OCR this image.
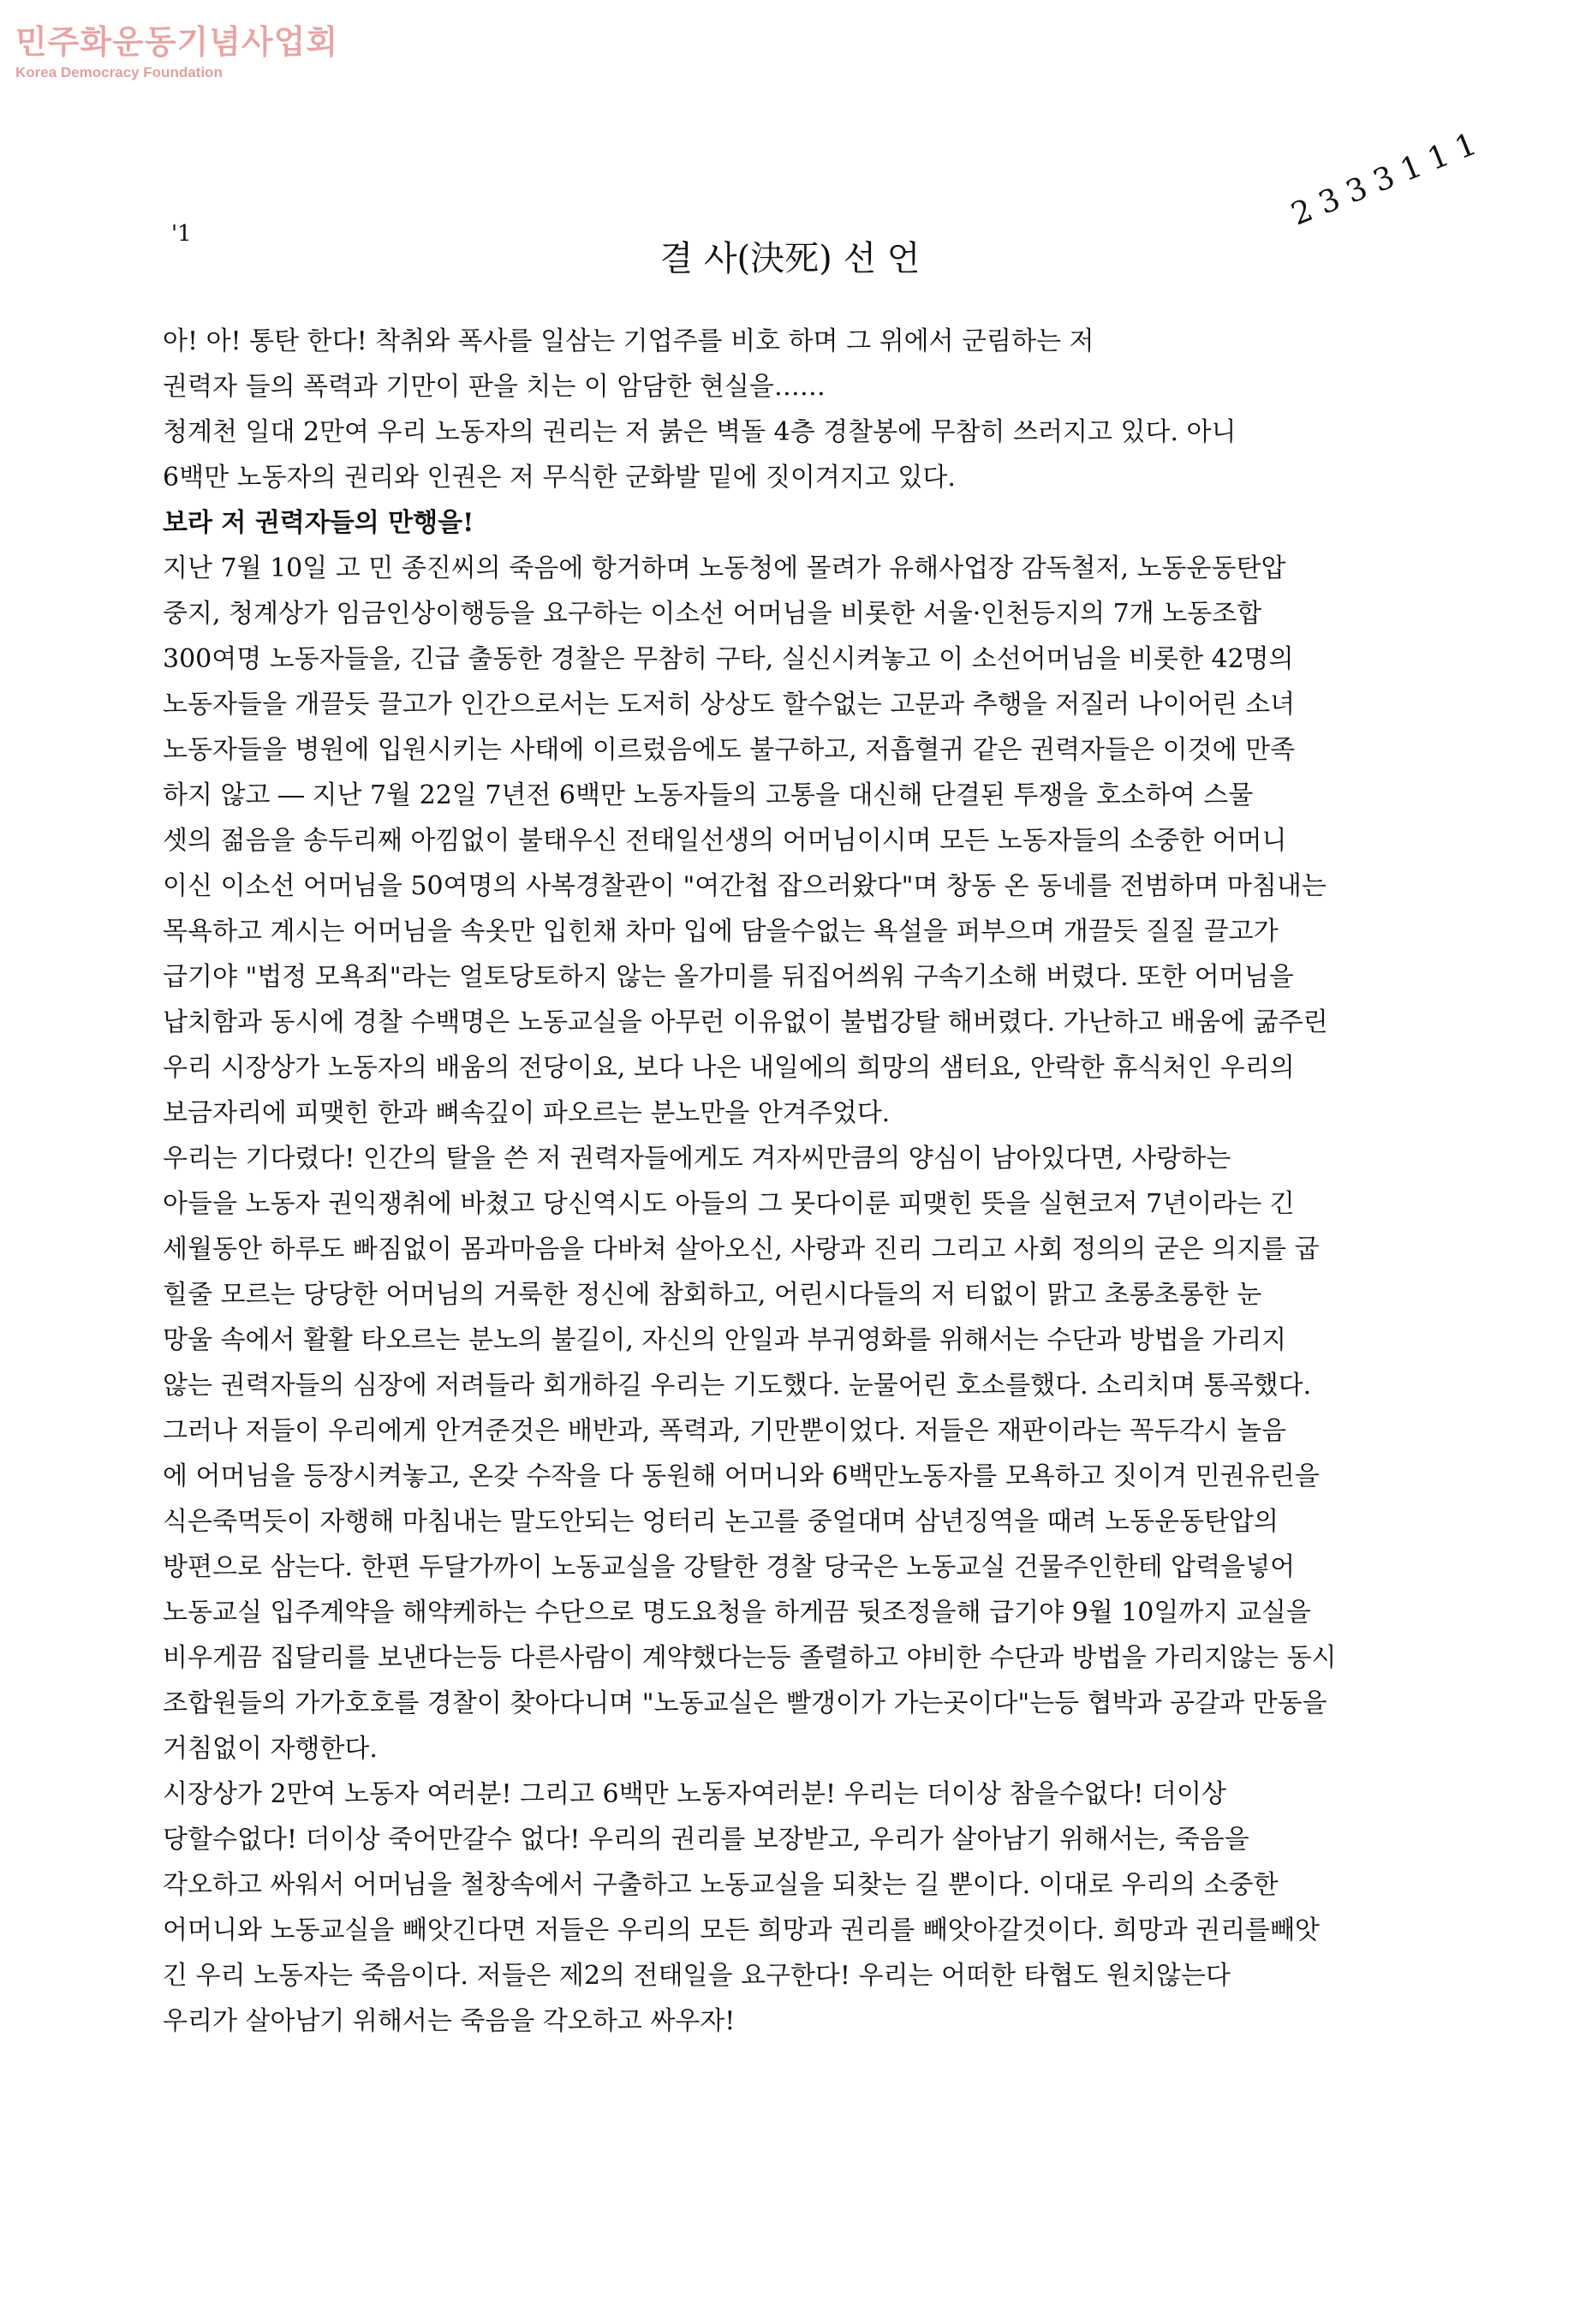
민주화운동기념사업회
Korea Democracy Foundation
'1
2 3 3 3 1 1 1
결 사(決死) 선 언
아! 아! 통탄 한다! 착취와 폭사를 일삼는 기업주를 비호 하며 그 위에서 군림하는 저
권력자 들의 폭력과 기만이 판을 치는 이 암담한 현실을……
청계천 일대 2만여 우리 노동자의 권리는 저 붉은 벽돌 4층 경찰봉에 무참히 쓰러지고 있다. 아니
6백만 노동자의 권리와 인권은 저 무식한 군화발 밑에 짓이겨지고 있다.
보라 저 권력자들의 만행을!
지난 7월 10일 고 민 종진씨의 죽음에 항거하며 노동청에 몰려가 유해사업장 감독철저, 노동운동탄압
중지, 청계상가 임금인상이행등을 요구하는 이소선 어머님을 비롯한 서울·인천등지의 7개 노동조합
300여명 노동자들을, 긴급 출동한 경찰은 무참히 구타, 실신시켜놓고 이 소선어머님을 비롯한 42명의
노동자들을 개끌듯 끌고가 인간으로서는 도저히 상상도 할수없는 고문과 추행을 저질러 나이어린 소녀
노동자들을 병원에 입원시키는 사태에 이르렀음에도 불구하고, 저흡혈귀 같은 권력자들은 이것에 만족
하지 않고 ― 지난 7월 22일 7년전 6백만 노동자들의 고통을 대신해 단결된 투쟁을 호소하여 스물
셋의 젊음을 송두리째 아낌없이 불태우신 전태일선생의 어머님이시며 모든 노동자들의 소중한 어머니
이신 이소선 어머님을 50여명의 사복경찰관이 "여간첩 잡으러왔다"며 창동 온 동네를 전범하며 마침내는
목욕하고 계시는 어머님을 속옷만 입힌채 차마 입에 담을수없는 욕설을 퍼부으며 개끌듯 질질 끌고가
급기야 "법정 모욕죄"라는 얼토당토하지 않는 올가미를 뒤집어씌워 구속기소해 버렸다. 또한 어머님을
납치함과 동시에 경찰 수백명은 노동교실을 아무런 이유없이 불법강탈 해버렸다. 가난하고 배움에 굶주린
우리 시장상가 노동자의 배움의 전당이요, 보다 나은 내일에의 희망의 샘터요, 안락한 휴식처인 우리의
보금자리에 피맺힌 한과 뼈속깊이 파오르는 분노만을 안겨주었다.
우리는 기다렸다! 인간의 탈을 쓴 저 권력자들에게도 겨자씨만큼의 양심이 남아있다면, 사랑하는
아들을 노동자 권익쟁취에 바쳤고 당신역시도 아들의 그 못다이룬 피맺힌 뜻을 실현코저 7년이라는 긴
세월동안 하루도 빠짐없이 몸과마음을 다바쳐 살아오신, 사랑과 진리 그리고 사회 정의의 굳은 의지를 굽
힐줄 모르는 당당한 어머님의 거룩한 정신에 참회하고, 어린시다들의 저 티없이 맑고 초롱초롱한 눈
망울 속에서 활활 타오르는 분노의 불길이, 자신의 안일과 부귀영화를 위해서는 수단과 방법을 가리지
않는 권력자들의 심장에 저려들라 회개하길 우리는 기도했다. 눈물어린 호소를했다. 소리치며 통곡했다.
그러나 저들이 우리에게 안겨준것은 배반과, 폭력과, 기만뿐이었다. 저들은 재판이라는 꼭두각시 놀음
에 어머님을 등장시켜놓고, 온갖 수작을 다 동원해 어머니와 6백만노동자를 모욕하고 짓이겨 민권유린을
식은죽먹듯이 자행해 마침내는 말도안되는 엉터리 논고를 중얼대며 삼년징역을 때려 노동운동탄압의
방편으로 삼는다. 한편 두달가까이 노동교실을 강탈한 경찰 당국은 노동교실 건물주인한테 압력을넣어
노동교실 입주계약을 해약케하는 수단으로 명도요청을 하게끔 뒷조정을해 급기야 9월 10일까지 교실을
비우게끔 집달리를 보낸다는등 다른사람이 계약했다는등 졸렬하고 야비한 수단과 방법을 가리지않는 동시
조합원들의 가가호호를 경찰이 찾아다니며 "노동교실은 빨갱이가 가는곳이다"는등 협박과 공갈과 만동을
거침없이 자행한다.
시장상가 2만여 노동자 여러분! 그리고 6백만 노동자여러분! 우리는 더이상 참을수없다! 더이상
당할수없다! 더이상 죽어만갈수 없다! 우리의 권리를 보장받고, 우리가 살아남기 위해서는, 죽음을
각오하고 싸워서 어머님을 철창속에서 구출하고 노동교실을 되찾는 길 뿐이다. 이대로 우리의 소중한
어머니와 노동교실을 빼앗긴다면 저들은 우리의 모든 희망과 권리를 빼앗아갈것이다. 희망과 권리를빼앗
긴 우리 노동자는 죽음이다. 저들은 제2의 전태일을 요구한다! 우리는 어떠한 타협도 원치않는다
우리가 살아남기 위해서는 죽음을 각오하고 싸우자!
